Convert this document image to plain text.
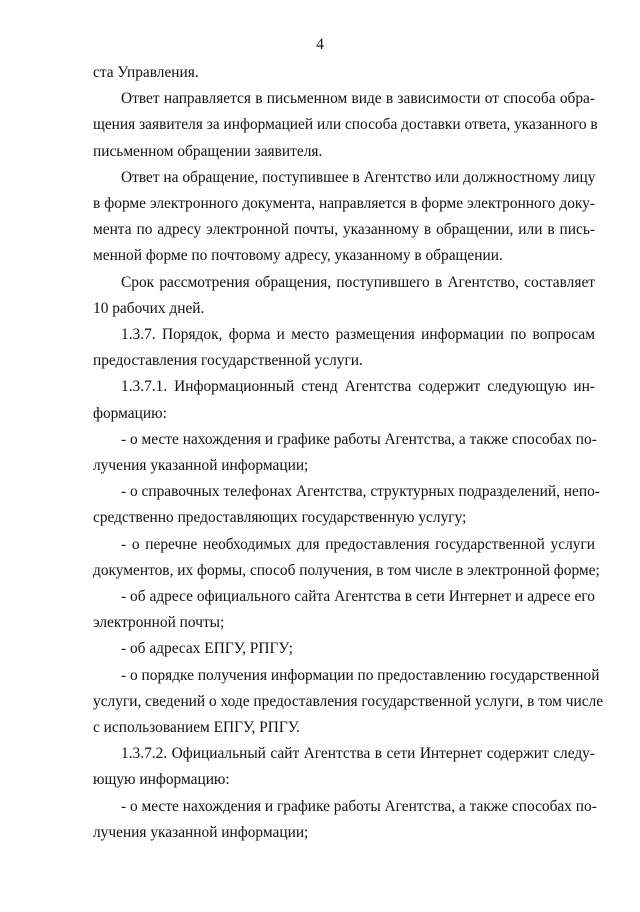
4
ста Управления.
Ответ направляется в письменном виде в зависимости от способа обра-
щения заявителя за информацией или способа доставки ответа, указанного в
письменном обращении заявителя.
Ответ на обращение, поступившее в Агентство или должностному лицу
в форме электронного документа, направляется в форме электронного доку-
мента по адресу электронной почты, указанному в обращении, или в пись-
менной форме по почтовому адресу, указанному в обращении.
Срок рассмотрения обращения, поступившего в Агентство, составляет
10 рабочих дней.
1.3.7. Порядок, форма и место размещения информации по вопросам
предоставления государственной услуги.
1.3.7.1. Информационный стенд Агентства содержит следующую ин-
формацию:
- о месте нахождения и графике работы Агентства, а также способах по-
лучения указанной информации;
- о справочных телефонах Агентства, структурных подразделений, непо-
средственно предоставляющих государственную услугу;
- о перечне необходимых для предоставления государственной услуги
документов, их формы, способ получения, в том числе в электронной форме;
- об адресе официального сайта Агентства в сети Интернет и адресе его
электронной почты;
- об адресах ЕПГУ, РПГУ;
- о порядке получения информации по предоставлению государственной
услуги, сведений о ходе предоставления государственной услуги, в том числе
с использованием ЕПГУ, РПГУ.
1.3.7.2. Официальный сайт Агентства в сети Интернет содержит следу-
ющую информацию:
- о месте нахождения и графике работы Агентства, а также способах по-
лучения указанной информации;
